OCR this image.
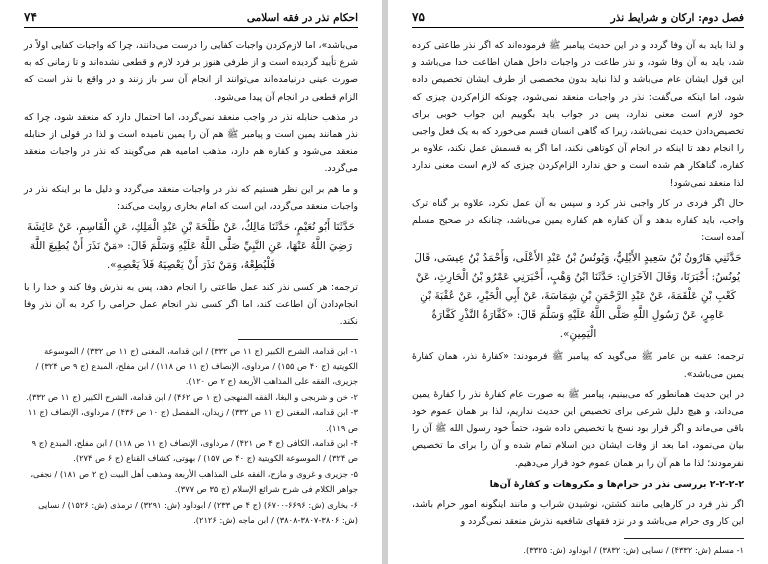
احکام نذر در فقه اسلامی
۷۴

می‌باشد»، اما لازم‌کردن واجبات کفایی را درست می‌دانند، چرا که واجبات کفایی اولاً در شرع تأیید گردیده است و از طرفی هنوز بر فرد لازم و قطعی نشده‌اند و تا زمانی که به صورت عینی درنیامده‌اند می‌توانند از انجام آن سر باز زنند و در واقع با نذر است که الزام قطعی در انجام آن پیدا می‌شود.

در مذهب حنابله نذر در واجب منعقد نمی‌گردد، اما احتمال دارد که منعقد شود، چرا که نذر همانند یمین است و پیامبر ﷺ هم آن را یمین نامیده است و لذا در قولی از حنابله منعقد می‌شود و کفاره هم دارد، مذهب امامیه هم می‌گویند که نذر در واجبات منعقد می‌گردد.

و ما هم بر این نظر هستیم که نذر در واجبات منعقد می‌گردد و دلیل ما بر اینکه نذر در واجبات منعقد می‌گردد، این است که امام بخاری روایت می‌کند:

حَدَّثَنَا أَبُو نُعَيْمٍ، حَدَّثَنَا مَالِكٌ، عَنْ طَلْحَةَ بْنِ عَبْدِ الْمَلِكِ، عَنِ الْقَاسِمِ، عَنْ عَائِشَةَ رَضِيَ اللَّهُ عَنْهَا، عَنِ النَّبِيِّ صَلَّى اللَّهُ عَلَيْهِ وَسَلَّمَ قَالَ: «مَنْ نَذَرَ أَنْ يُطِيعَ اللَّهَ فَلْيُطِعْهُ، وَمَنْ نَذَرَ أَنْ يَعْصِيَهُ فَلاَ يَعْصِهِ».

ترجمه: هر کسی نذر کند عمل طاعتی را انجام دهد، پس به نذرش وفا کند و خدا را با انجام‌دادن آن اطاعت کند، اما اگر کسی نذر انجام عمل حرامی را کرد به آن نذر وفا نکند.

۱- ابن قدامة، الشرح الکبیر (ج ۱۱ ص ۳۳۲) / ابن قدامة، المغنی (ج ۱۱ ص ۳۳۲) / الموسوعة الکویتیة (ج ۴۰ ص ۱۵۵) / مرداوی، الإنصاف (ج ۱۱ ص ۱۱۸) / ابن مفلح، المبدع (ج ۹ ص ۳۲۴) / جزیری، الفقه علی المذاهب الأربعة (ج ۲ ص ۱۲۰).

۲- خن و شربجی و البغا، الفقه المنهجی (ج ۱ ص ۴۶۲) / ابن قدامة، الشرح الکبیر (ج ۱۱ ص ۳۳۲).

۳- ابن قدامة، المغنی (ج ۱۱ ص ۳۳۲) / زیدان، المفصل (ج ۱۰ ص ۴۳۶) / مرداوی، الإنصاف (ج ۱۱ ص ۱۱۹).

۴- ابن قدامة، الکافی (ج ۴ ص ۴۲۱) / مرداوی، الإنصاف (ج ۱۱ ص ۱۱۸) / ابن مفلح، المبدع (ج ۹ ص ۳۲۴) / الموسوعة الکویتیة (ج ۴۰ ص ۱۵۷) / بهوتی، کشاف القناع (ج ۶ ص ۲۷۴).

۵- جزیری و غروی و مازح، الفقه علی المذاهب الأربعة ومذهب أهل البیت (ج ۲ ص ۱۸۱) / نجفی، جواهر الکلام فی شرح شرائع الإسلام (ج ۳۵ ص ۳۷۷).

۶- بخاری (ش: ۶۶۹۶-۶۷۰۰) (ج ۴ ص ۲۳۳) / ابوداود (ش: ۳۲۹۱) / ترمذی (ش: ۱۵۲۶) / نسایی (ش: ۳۸۰۶-۳۸۰۷-۳۸۰۸) / ابن ماجه (ش: ۲۱۲۶).

فصل دوم: ارکان و شرایط نذر
۷۵

و لذا باید به آن وفا گردد و در این حدیث پیامبر ﷺ فرموده‌اند که اگر نذر طاعتی کرده شد، باید به آن وفا شود، و نذر طاعت در واجبات داخل همان اطاعت خدا می‌باشد و این قول ایشان عام می‌باشد و لذا نباید بدون مخصصی از طرف ایشان تخصیص داده شود، اما اینکه می‌گفت: نذر در واجبات منعقد نمی‌شود، چونکه الزام‌کردن چیزی که خود لازم است معنی ندارد، پس در جواب باید بگوییم این جواب خوبی برای تخصیص‌دادن حدیث نمی‌باشد، زیرا که گاهی انسان قسم می‌خورد که به یک فعل واجبی را انجام دهد تا اینکه در انجام آن کوتاهی نکند، اما اگر به قسمش عمل نکند، علاوه بر کفاره، گناهکار هم شده است و حق ندارد الزام‌کردن چیزی که لازم است معنی ندارد لذا منعقد نمی‌شود!

حال اگر فردی در کار واجبی نذر کرد و سپس به آن عمل نکرد، علاوه بر گناه ترک واجب، باید کفاره بدهد و آن کفاره هم کفاره یمین می‌باشد، چنانکه در صحیح مسلم آمده است:

حَدَّثَنِي هَارُونُ بْنُ سَعِيدٍ الأَيْلِيُّ، وَيُونُسُ بْنُ عَبْدِ الأَعْلَى، وَأَحْمَدُ بْنُ عِيسَى، قَالَ يُونُسُ: أَخْبَرَنَا، وَقَالَ الآخَرَانِ: حَدَّثَنَا ابْنُ وَهْبٍ، أَخْبَرَنِي عَمْرُو بْنُ الْحَارِثِ، عَنْ كَعْبِ بْنِ عَلْقَمَةَ، عَنْ عَبْدِ الرَّحْمَنِ بْنِ شِمَاسَةَ، عَنْ أَبِي الْخَيْرِ، عَنْ عُقْبَةَ بْنِ عَامِرٍ، عَنْ رَسُولِ اللَّهِ صَلَّى اللَّهُ عَلَيْهِ وَسَلَّمَ قَالَ: «كَفَّارَةُ النَّذْرِ كَفَّارَةُ الْيَمِينِ».

ترجمه: عقبه بن عامر ﷺ می‌گوید که پیامبر ﷺ فرمودند: «کفارهٔ نذر، همان کفارهٔ یمین می‌باشد».

در این حدیث همانطور که می‌بینیم، پیامبر ﷺ به صورت عام کفارهٔ نذر را کفارهٔ یمین می‌داند، و هیچ دلیل شرعی برای تخصیص این حدیث نداریم، لذا بر همان عموم خود باقی می‌ماند و اگر قرار بود نسخ یا تخصیص داده شود، حتماً خود رسول الله ﷺ آن را بیان می‌نمود، اما بعد از وفات ایشان دین اسلام تمام شده و آن را برای ما تخصیص نفرمودند؛ لذا ما هم آن را بر همان عموم خود قرار می‌دهیم.

۲-۲-۲-۲ بررسی نذر در حرام‌ها و مکروهات و کفارهٔ آن‌ها

اگر نذر فرد در کارهایی مانند کشتن، نوشیدن شراب و مانند اینگونه امور حرام باشد، این کار وی حرام می‌باشد و در نزد فقهای شافعیه نذرش منعقد نمی‌گردد و

۱- مسلم (ش: ۴۳۳۲) / نسایی (ش: ۳۸۳۲) / ابوداود (ش: ۳۳۲۵).
